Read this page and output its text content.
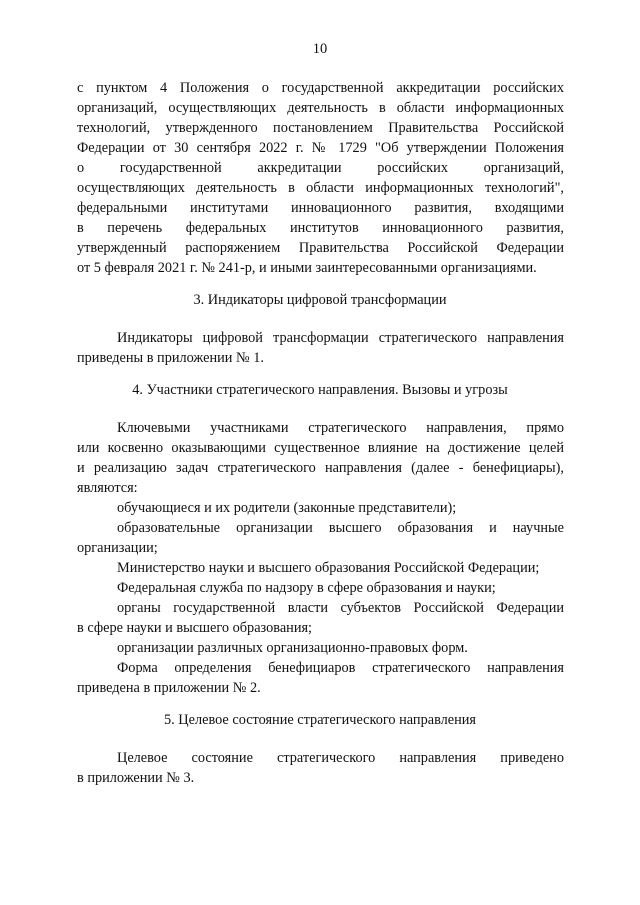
10
с пунктом 4 Положения о государственной аккредитации российских
организаций, осуществляющих деятельность в области информационных
технологий, утвержденного постановлением Правительства Российской
Федерации от 30 сентября 2022 г. № 1729 "Об утверждении Положения
о государственной аккредитации российских организаций,
осуществляющих деятельность в области информационных технологий",
федеральными институтами инновационного развития, входящими
в перечень федеральных институтов инновационного развития,
утвержденный распоряжением Правительства Российской Федерации
от 5 февраля 2021 г. № 241-р, и иными заинтересованными организациями.
3. Индикаторы цифровой трансформации
Индикаторы цифровой трансформации стратегического направления
приведены в приложении № 1.
4. Участники стратегического направления. Вызовы и угрозы
Ключевыми участниками стратегического направления, прямо
или косвенно оказывающими существенное влияние на достижение целей
и реализацию задач стратегического направления (далее - бенефициары),
являются:
обучающиеся и их родители (законные представители);
образовательные организации высшего образования и научные
организации;
Министерство науки и высшего образования Российской Федерации;
Федеральная служба по надзору в сфере образования и науки;
органы государственной власти субъектов Российской Федерации
в сфере науки и высшего образования;
организации различных организационно-правовых форм.
Форма определения бенефициаров стратегического направления
приведена в приложении № 2.
5. Целевое состояние стратегического направления
Целевое состояние стратегического направления приведено
в приложении № 3.
